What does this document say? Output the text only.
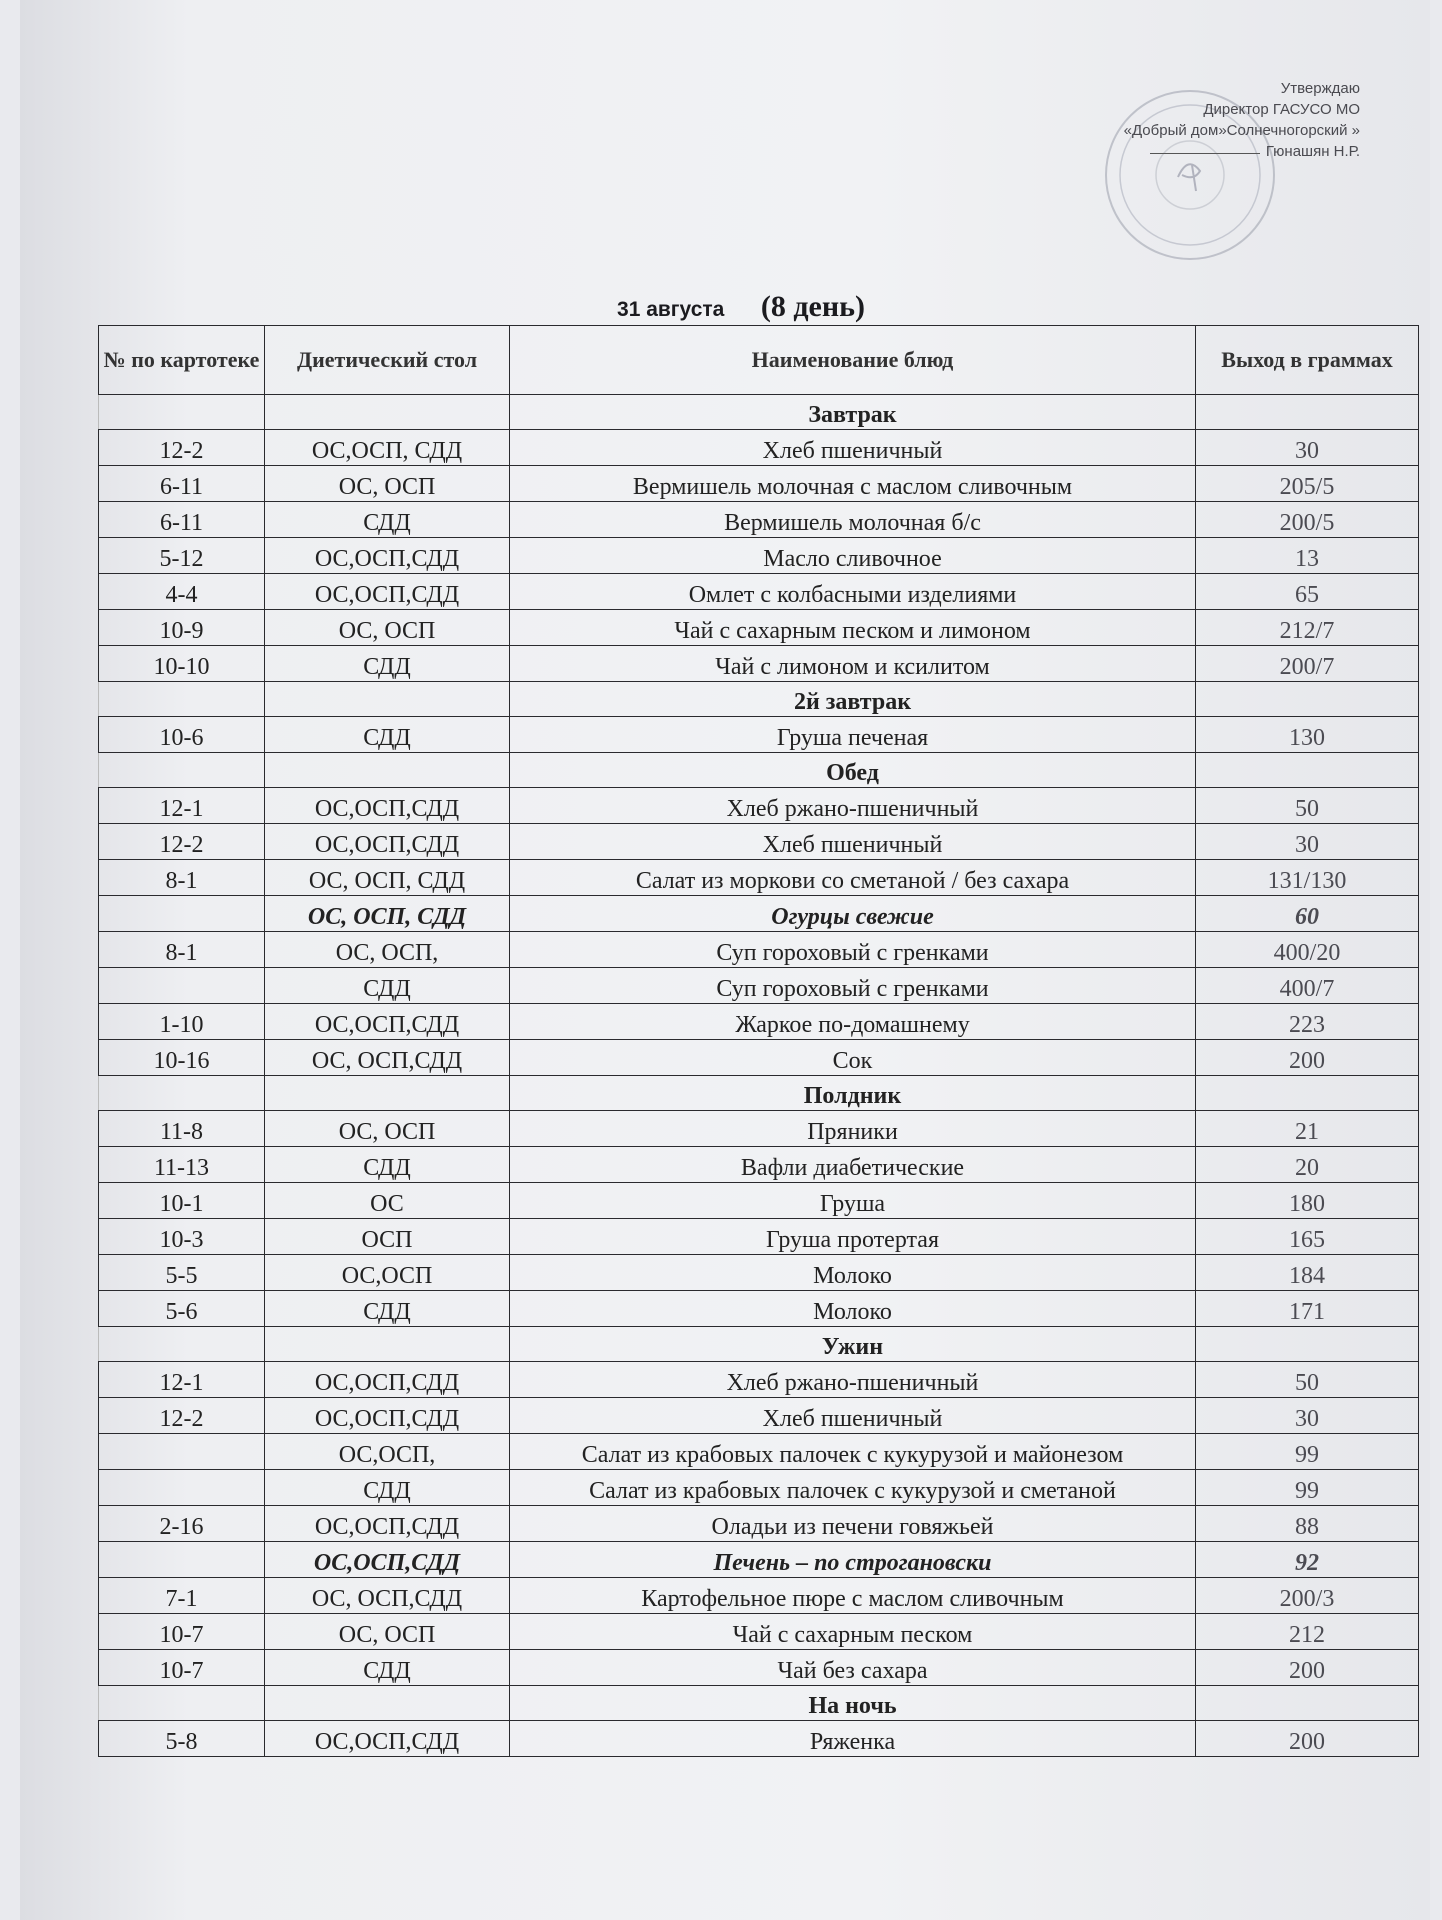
Утверждаю
Директор ГАСУСО МО
«Добрый дом»Солнечногорский »
Гюнашян Н.Р.
31 августа (8 день)
№ по картотеке	Диетический стол	Наименование блюд	Выход в граммах
		Завтрак	
12-2	ОС,ОСП, СДД	Хлеб пшеничный	30
6-11	ОС, ОСП	Вермишель молочная с маслом сливочным	205/5
6-11	СДД	Вермишель молочная б/с	200/5
5-12	ОС,ОСП,СДД	Масло сливочное	13
4-4	ОС,ОСП,СДД	Омлет с колбасными изделиями	65
10-9	ОС, ОСП	Чай с сахарным песком и лимоном	212/7
10-10	СДД	Чай с лимоном и ксилитом	200/7
		2й завтрак	
10-6	СДД	Груша печеная	130
		Обед	
12-1	ОС,ОСП,СДД	Хлеб ржано-пшеничный	50
12-2	ОС,ОСП,СДД	Хлеб пшеничный	30
8-1	ОС, ОСП, СДД	Салат из моркови со сметаной / без сахара	131/130
	ОС, ОСП, СДД	Огурцы свежие	60
8-1	ОС, ОСП,	Суп гороховый с гренками	400/20
	СДД	Суп гороховый с гренками	400/7
1-10	ОС,ОСП,СДД	Жаркое по-домашнему	223
10-16	ОС, ОСП,СДД	Сок	200
		Полдник	
11-8	ОС, ОСП	Пряники	21
11-13	СДД	Вафли диабетические	20
10-1	ОС	Груша	180
10-3	ОСП	Груша протертая	165
5-5	ОС,ОСП	Молоко	184
5-6	СДД	Молоко	171
		Ужин	
12-1	ОС,ОСП,СДД	Хлеб ржано-пшеничный	50
12-2	ОС,ОСП,СДД	Хлеб пшеничный	30
	ОС,ОСП,	Салат из крабовых палочек с кукурузой и майонезом	99
	СДД	Салат из крабовых палочек с кукурузой и сметаной	99
2-16	ОС,ОСП,СДД	Оладьи из печени говяжьей	88
	ОС,ОСП,СДД	Печень – по строгановски	92
7-1	ОС, ОСП,СДД	Картофельное пюре с маслом сливочным	200/3
10-7	ОС, ОСП	Чай с сахарным песком	212
10-7	СДД	Чай без сахара	200
		На ночь	
5-8	ОС,ОСП,СДД	Ряженка	200
